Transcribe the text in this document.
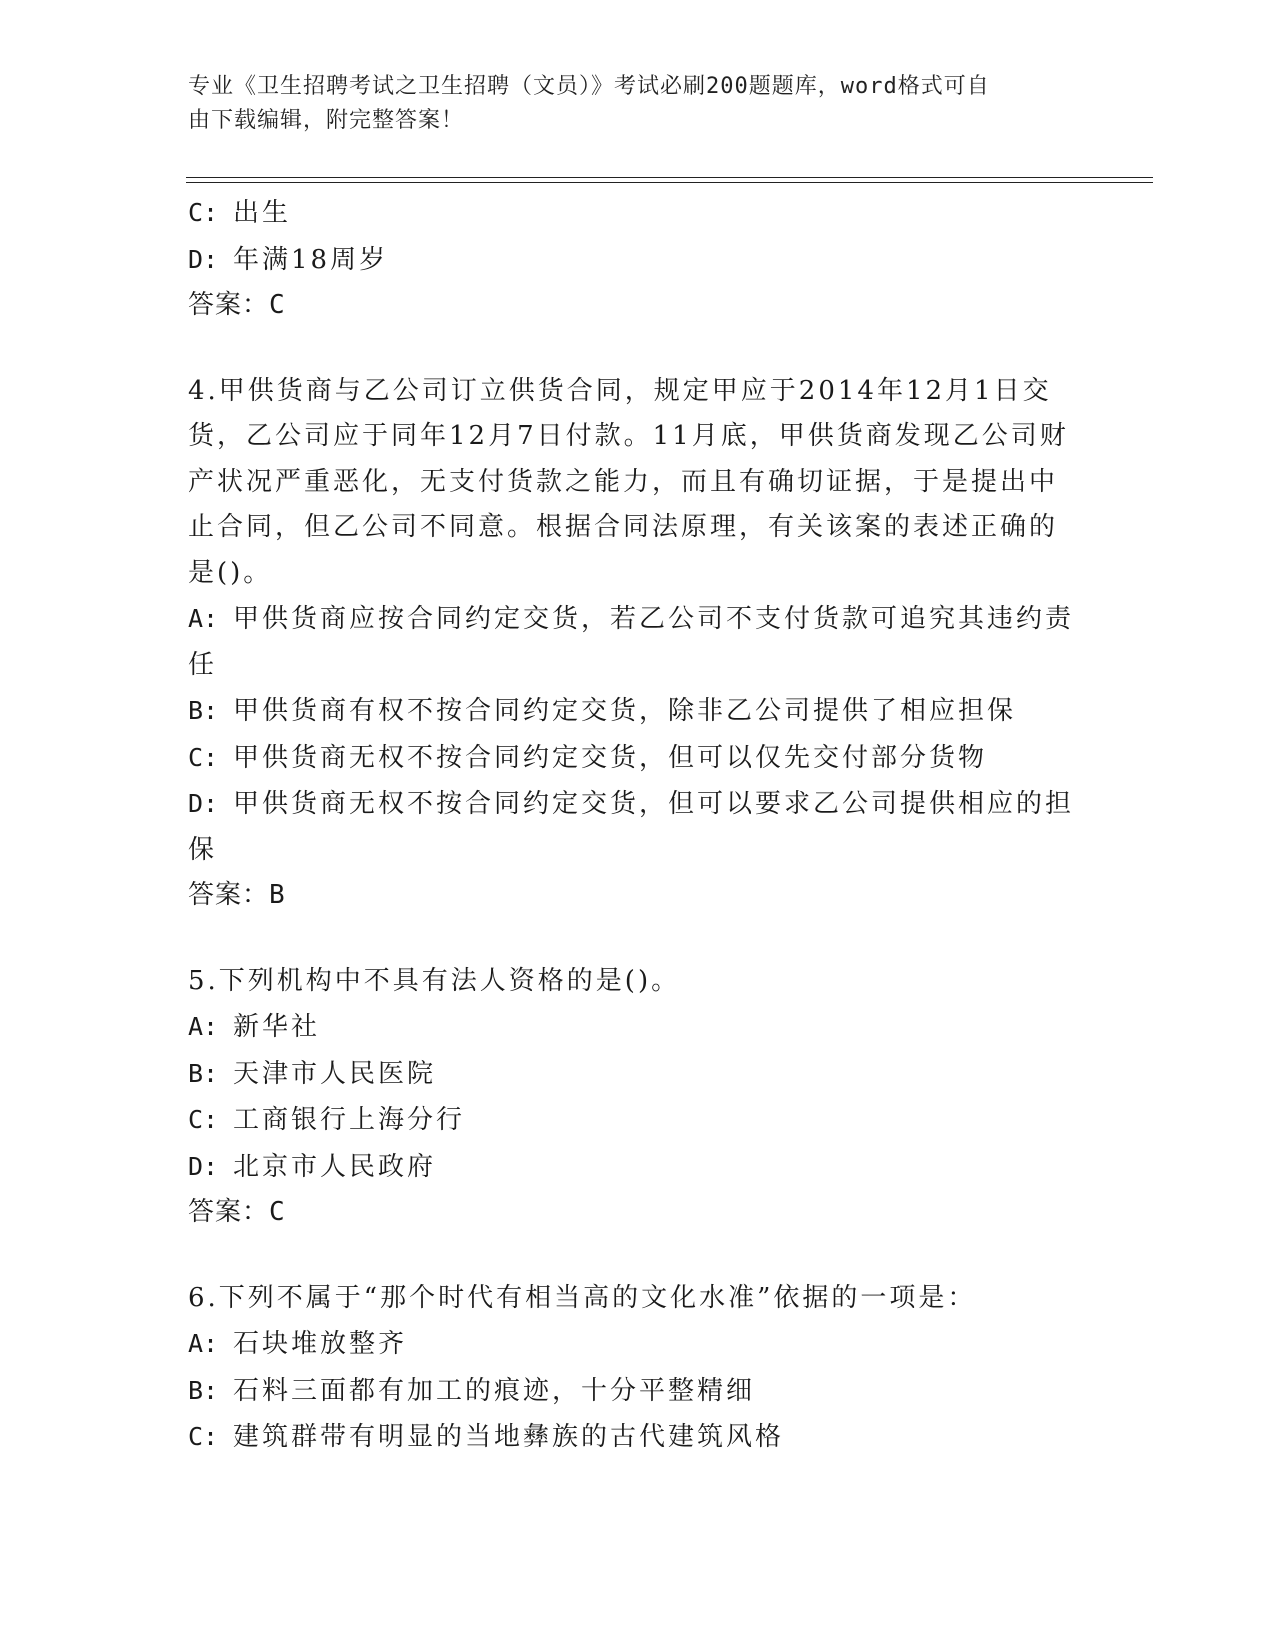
专业《卫生招聘考试之卫生招聘（文员）》考试必刷200题题库，word格式可自
由下载编辑，附完整答案！
C: 出生
D: 年满18周岁
答案：C
4.甲供货商与乙公司订立供货合同，规定甲应于2014年12月1日交
货，乙公司应于同年12月7日付款。11月底，甲供货商发现乙公司财
产状况严重恶化，无支付货款之能力，而且有确切证据，于是提出中
止合同，但乙公司不同意。根据合同法原理，有关该案的表述正确的
是()。
A: 甲供货商应按合同约定交货，若乙公司不支付货款可追究其违约责
任
B: 甲供货商有权不按合同约定交货，除非乙公司提供了相应担保
C: 甲供货商无权不按合同约定交货，但可以仅先交付部分货物
D: 甲供货商无权不按合同约定交货，但可以要求乙公司提供相应的担
保
答案：B
5.下列机构中不具有法人资格的是()。
A: 新华社
B: 天津市人民医院
C: 工商银行上海分行
D: 北京市人民政府
答案：C
6.下列不属于“那个时代有相当高的文化水准”依据的一项是：
A: 石块堆放整齐
B: 石料三面都有加工的痕迹，十分平整精细
C: 建筑群带有明显的当地彝族的古代建筑风格
